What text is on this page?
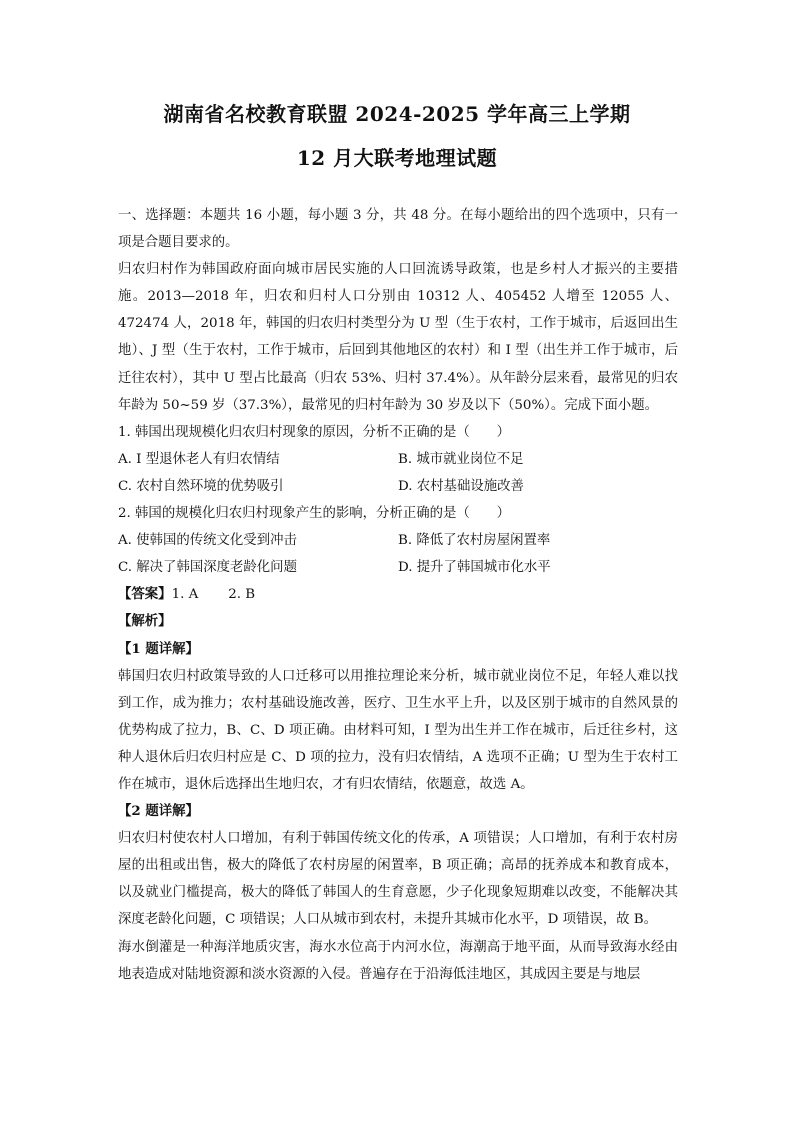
湖南省名校教育联盟 2024-2025 学年高三上学期
12 月大联考地理试题

一、选择题：本题共 16 小题，每小题 3 分，共 48 分。在每小题给出的四个选项中，只有一项是合题目要求的。

归农归村作为韩国政府面向城市居民实施的人口回流诱导政策，也是乡村人才振兴的主要措施。2013—2018 年，归农和归村人口分别由 10312 人、405452 人增至 12055 人、472474 人，2018 年，韩国的归农归村类型分为 U 型（生于农村，工作于城市，后返回出生地）、J 型（生于农村，工作于城市，后回到其他地区的农村）和 I 型（出生并工作于城市，后迁往农村），其中 U 型占比最高（归农 53%、归村 37.4%）。从年龄分层来看，最常见的归农年龄为 50~59 岁（37.3%），最常见的归村年龄为 30 岁及以下（50%）。完成下面小题。

1. 韩国出现规模化归农归村现象的原因，分析不正确的是（　　）

A. I 型退休老人有归农情结	B. 城市就业岗位不足
C. 农村自然环境的优势吸引	D. 农村基础设施改善

2. 韩国的规模化归农归村现象产生的影响，分析正确的是（　　）

A. 使韩国的传统文化受到冲击	B. 降低了农村房屋闲置率
C. 解决了韩国深度老龄化问题	D. 提升了韩国城市化水平
【答案】1. A 2. B

【解析】

【1 题详解】

韩国归农归村政策导致的人口迁移可以用推拉理论来分析，城市就业岗位不足，年轻人难以找到工作，成为推力；农村基础设施改善，医疗、卫生水平上升，以及区别于城市的自然风景的优势构成了拉力，B、C、D 项正确。由材料可知，I 型为出生并工作在城市，后迁往乡村，这种人退休后归农归村应是 C、D 项的拉力，没有归农情结，A 选项不正确；U 型为生于农村工作在城市，退休后选择出生地归农，才有归农情结，依题意，故选 A。

【2 题详解】

归农归村使农村人口增加，有利于韩国传统文化的传承，A 项错误；人口增加，有利于农村房屋的出租或出售，极大的降低了农村房屋的闲置率，B 项正确；高昂的抚养成本和教育成本，以及就业门槛提高，极大的降低了韩国人的生育意愿，少子化现象短期难以改变，不能解决其深度老龄化问题，C 项错误；人口从城市到农村，未提升其城市化水平，D 项错误，故 B。

海水倒灌是一种海洋地质灾害，海水水位高于内河水位，海潮高于地平面，从而导致海水经由地表造成对陆地资源和淡水资源的入侵。普遍存在于沿海低洼地区，其成因主要是与地层
